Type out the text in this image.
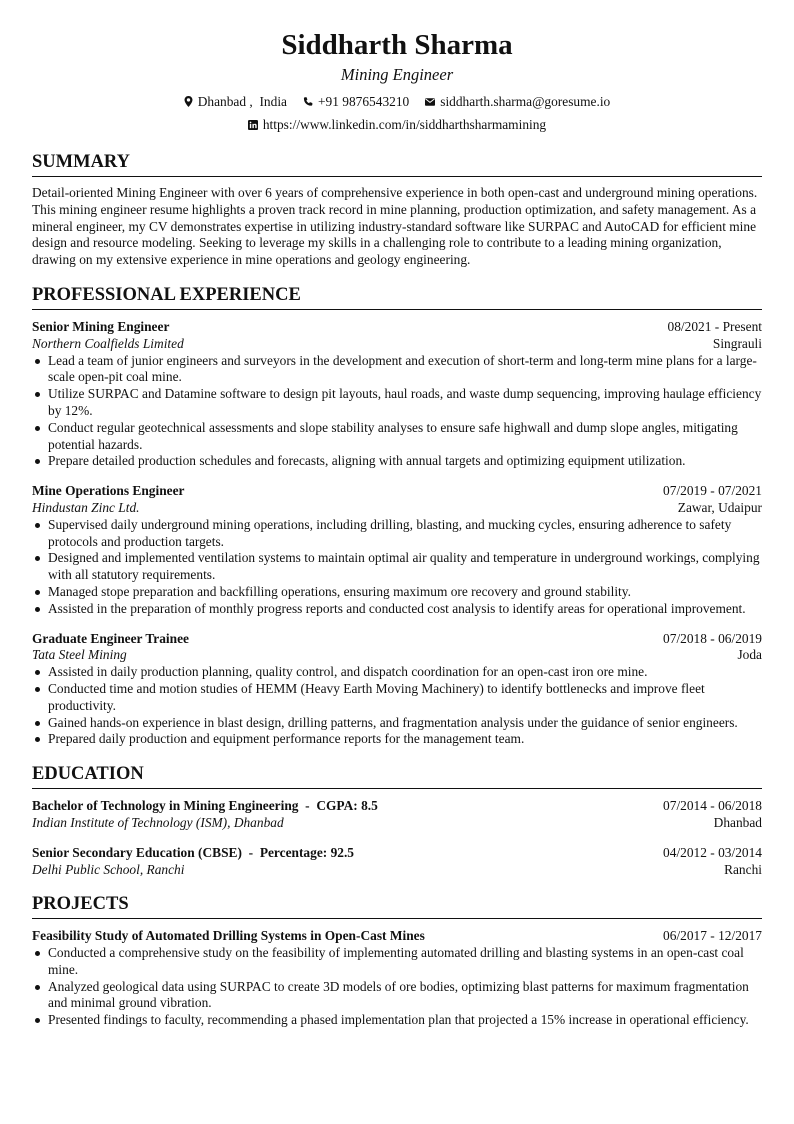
Siddharth Sharma
Mining Engineer
Dhanbad ,  India +91 9876543210 siddharth.sharma@goresume.io
https://www.linkedin.com/in/siddharthsharmamining
SUMMARY
Detail-oriented Mining Engineer with over 6 years of comprehensive experience in both open-cast and underground mining operations. This mining engineer resume highlights a proven track record in mine planning, production optimization, and safety management. As a mineral engineer, my CV demonstrates expertise in utilizing industry-standard software like SURPAC and AutoCAD for efficient mine design and resource modeling. Seeking to leverage my skills in a challenging role to contribute to a leading mining organization, drawing on my extensive experience in mine operations and geology engineering.
PROFESSIONAL EXPERIENCE
Senior Mining Engineer	08/2021 - Present
Northern Coalfields Limited	Singrauli
Lead a team of junior engineers and surveyors in the development and execution of short-term and long-term mine plans for a large-scale open-pit coal mine.
Utilize SURPAC and Datamine software to design pit layouts, haul roads, and waste dump sequencing, improving haulage efficiency by 12%.
Conduct regular geotechnical assessments and slope stability analyses to ensure safe highwall and dump slope angles, mitigating potential hazards.
Prepare detailed production schedules and forecasts, aligning with annual targets and optimizing equipment utilization.
Mine Operations Engineer	07/2019 - 07/2021
Hindustan Zinc Ltd.	Zawar, Udaipur
Supervised daily underground mining operations, including drilling, blasting, and mucking cycles, ensuring adherence to safety protocols and production targets.
Designed and implemented ventilation systems to maintain optimal air quality and temperature in underground workings, complying with all statutory requirements.
Managed stope preparation and backfilling operations, ensuring maximum ore recovery and ground stability.
Assisted in the preparation of monthly progress reports and conducted cost analysis to identify areas for operational improvement.
Graduate Engineer Trainee	07/2018 - 06/2019
Tata Steel Mining	Joda
Assisted in daily production planning, quality control, and dispatch coordination for an open-cast iron ore mine.
Conducted time and motion studies of HEMM (Heavy Earth Moving Machinery) to identify bottlenecks and improve fleet productivity.
Gained hands-on experience in blast design, drilling patterns, and fragmentation analysis under the guidance of senior engineers.
Prepared daily production and equipment performance reports for the management team.
EDUCATION
Bachelor of Technology in Mining Engineering  -  CGPA: 8.5	07/2014 - 06/2018
Indian Institute of Technology (ISM), Dhanbad	Dhanbad
Senior Secondary Education (CBSE)  -  Percentage: 92.5	04/2012 - 03/2014
Delhi Public School, Ranchi	Ranchi
PROJECTS
Feasibility Study of Automated Drilling Systems in Open-Cast Mines	06/2017 - 12/2017
Conducted a comprehensive study on the feasibility of implementing automated drilling and blasting systems in an open-cast coal mine.
Analyzed geological data using SURPAC to create 3D models of ore bodies, optimizing blast patterns for maximum fragmentation and minimal ground vibration.
Presented findings to faculty, recommending a phased implementation plan that projected a 15% increase in operational efficiency.
